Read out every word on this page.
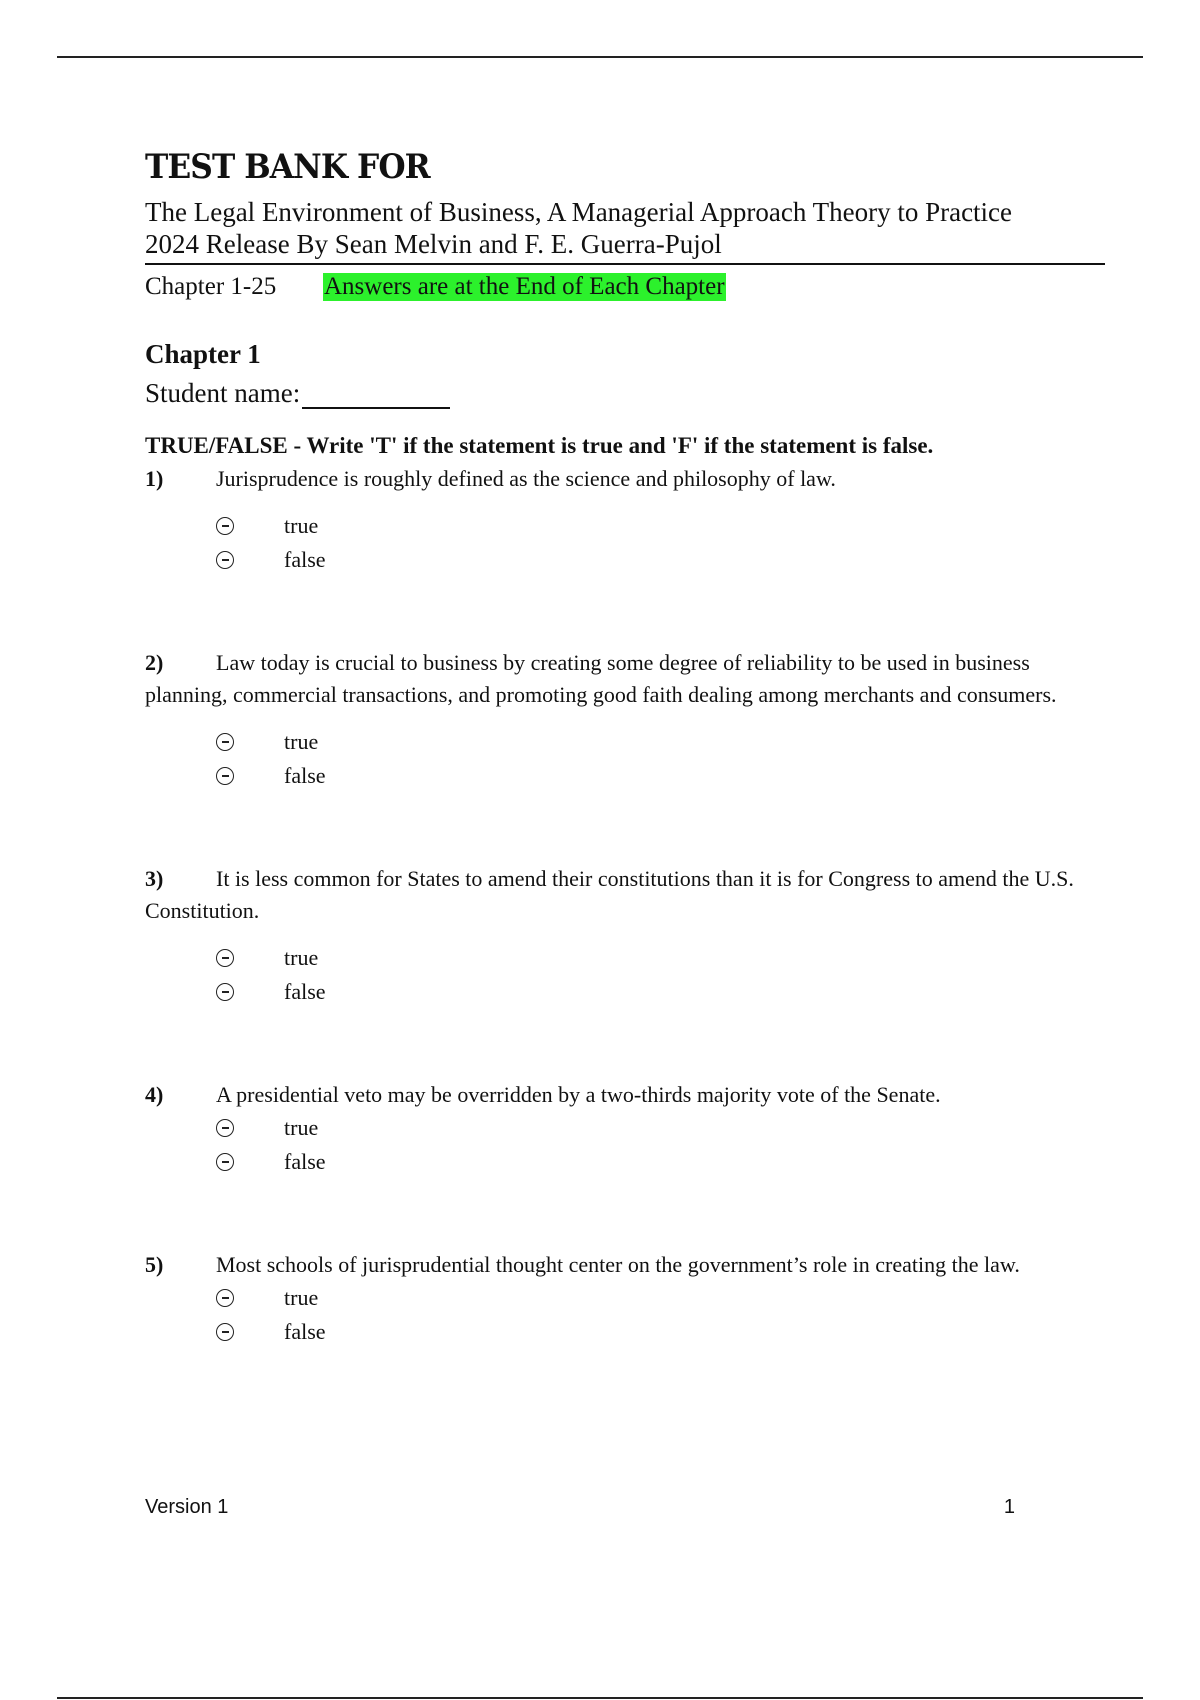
TEST BANK FOR
The Legal Environment of Business, A Managerial Approach Theory to Practice
2024 Release By Sean Melvin and F. E. Guerra-Pujol
Chapter 1-25	Answers are at the End of Each Chapter
Chapter 1
Student name:
TRUE/FALSE - Write 'T' if the statement is true and 'F' if the statement is false.
1) Jurisprudence is roughly defined as the science and philosophy of law.
true
false
2) Law today is crucial to business by creating some degree of reliability to be used in business planning, commercial transactions, and promoting good faith dealing among merchants and consumers.
true
false
3) It is less common for States to amend their constitutions than it is for Congress to amend the U.S. Constitution.
true
false
4) A presidential veto may be overridden by a two-thirds majority vote of the Senate.
true
false
5) Most schools of jurisprudential thought center on the government’s role in creating the law.
true
false
Version 1	1
